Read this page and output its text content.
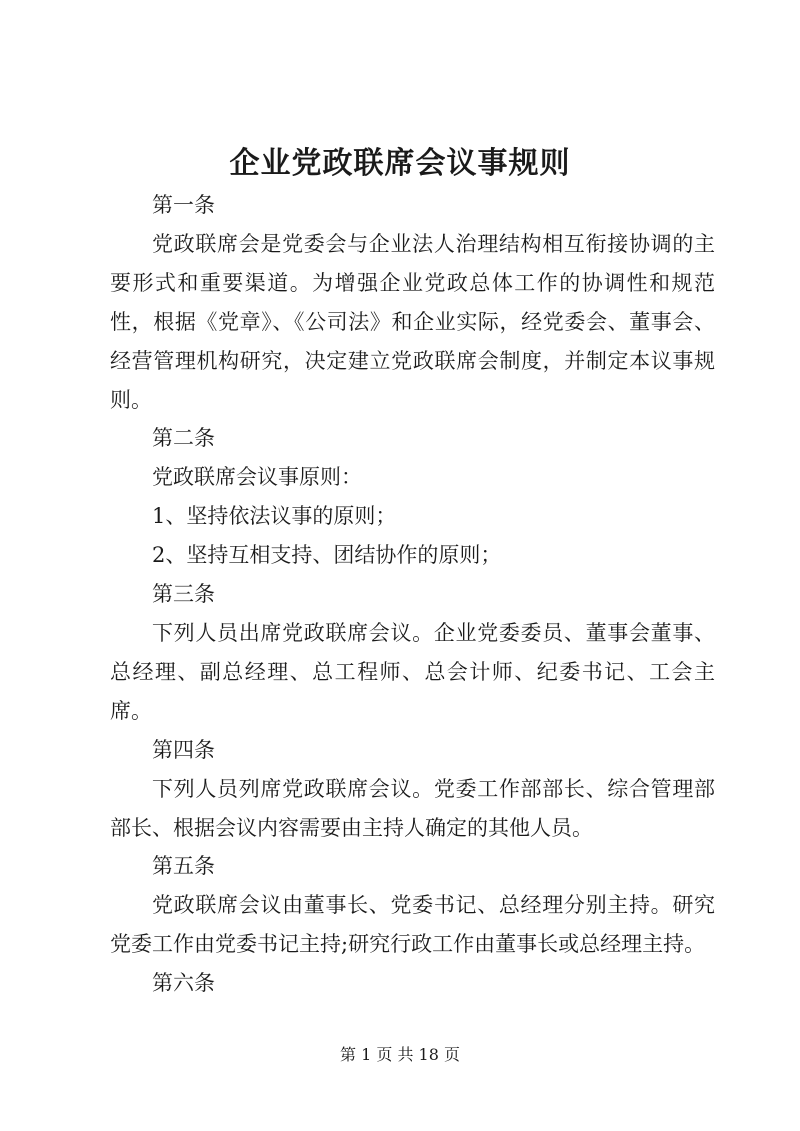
企业党政联席会议事规则

第一条

党政联席会是党委会与企业法人治理结构相互衔接协调的主要形式和重要渠道。为增强企业党政总体工作的协调性和规范性，根据《党章》、《公司法》和企业实际，经党委会、董事会、经营管理机构研究，决定建立党政联席会制度，并制定本议事规则。

第二条

党政联席会议事原则：

1、坚持依法议事的原则；

2、坚持互相支持、团结协作的原则；

第三条

下列人员出席党政联席会议。企业党委委员、董事会董事、总经理、副总经理、总工程师、总会计师、纪委书记、工会主席。

第四条

下列人员列席党政联席会议。党委工作部部长、综合管理部部长、根据会议内容需要由主持人确定的其他人员。

第五条

党政联席会议由董事长、党委书记、总经理分别主持。研究党委工作由党委书记主持;研究行政工作由董事长或总经理主持。

第六条

第 1 页 共 18 页
